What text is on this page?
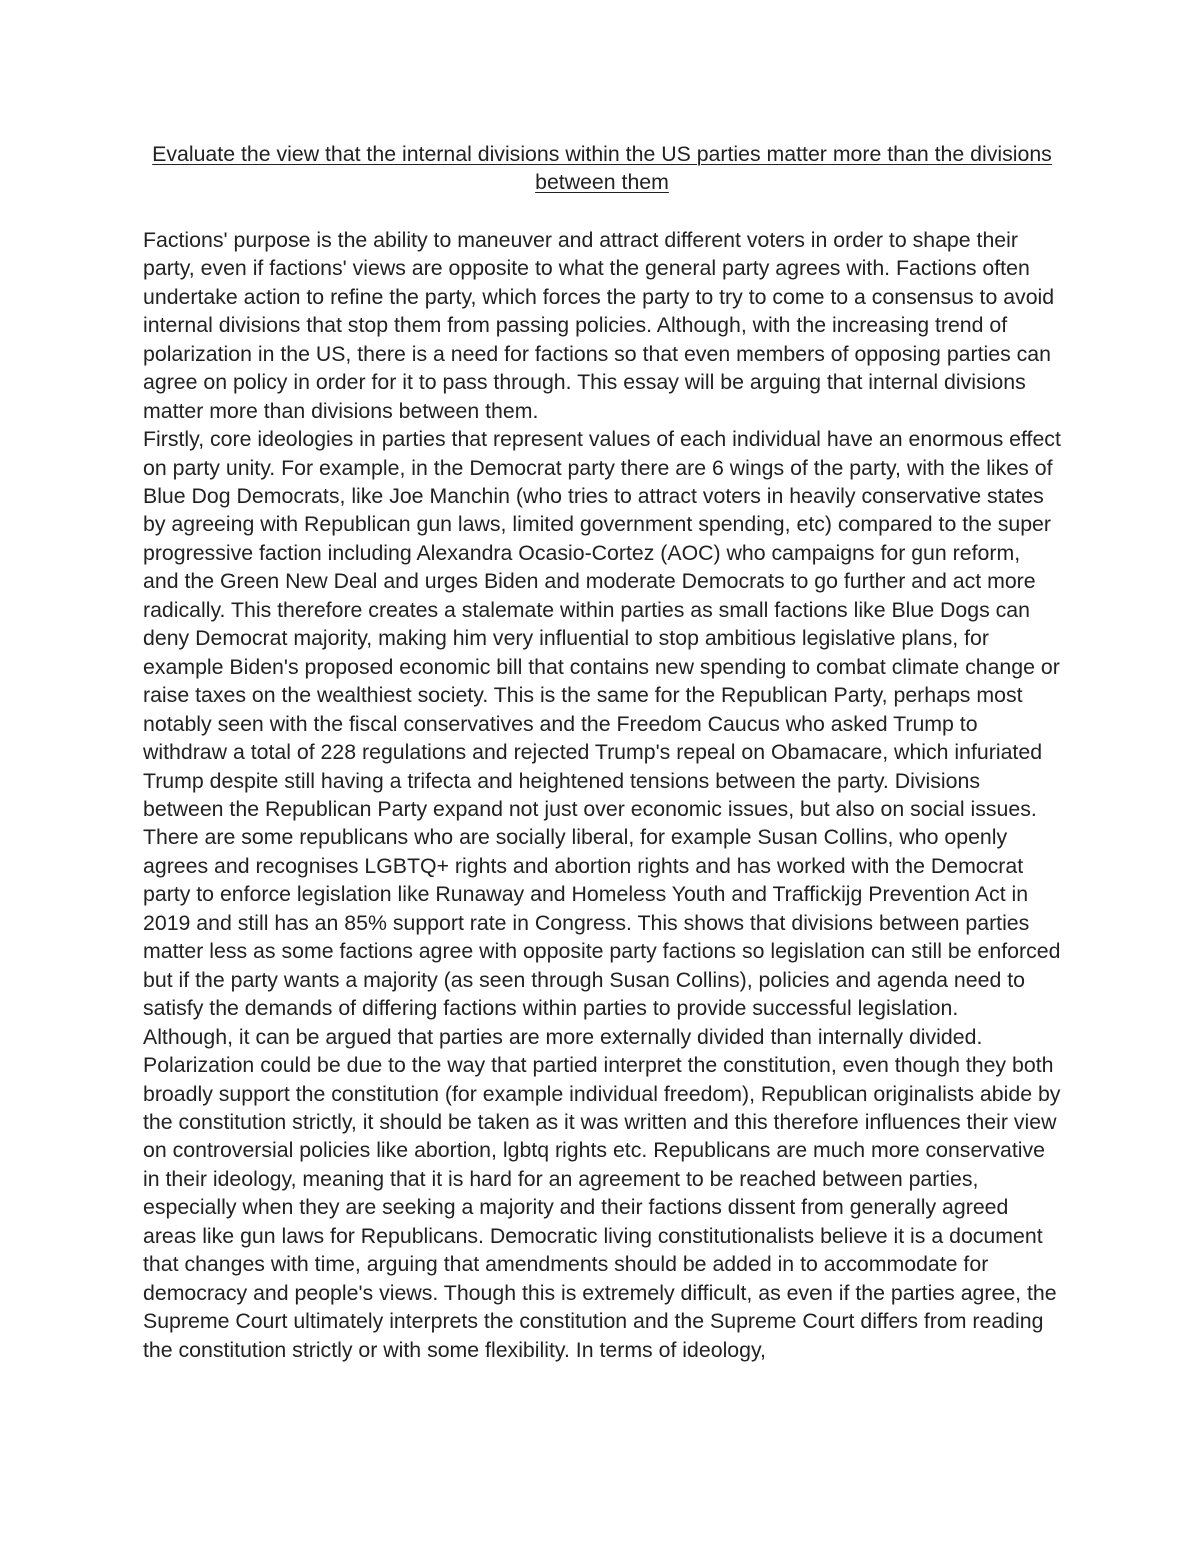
Evaluate the view that the internal divisions within the US parties matter more than the divisions between them

Factions' purpose is the ability to maneuver and attract different voters in order to shape their party, even if factions' views are opposite to what the general party agrees with. Factions often undertake action to refine the party, which forces the party to try to come to a consensus to avoid internal divisions that stop them from passing policies. Although, with the increasing trend of polarization in the US, there is a need for factions so that even members of opposing parties can agree on policy in order for it to pass through. This essay will be arguing that internal divisions matter more than divisions between them.

Firstly, core ideologies in parties that represent values of each individual have an enormous effect on party unity. For example, in the Democrat party there are 6 wings of the party, with the likes of Blue Dog Democrats, like Joe Manchin (who tries to attract voters in heavily conservative states by agreeing with Republican gun laws, limited government spending, etc) compared to the super progressive faction including Alexandra Ocasio-Cortez (AOC) who campaigns for gun reform, and the Green New Deal and urges Biden and moderate Democrats to go further and act more radically. This therefore creates a stalemate within parties as small factions like Blue Dogs can deny Democrat majority, making him very influential to stop ambitious legislative plans, for example Biden's proposed economic bill that contains new spending to combat climate change or raise taxes on the wealthiest society. This is the same for the Republican Party, perhaps most notably seen with the fiscal conservatives and the Freedom Caucus who asked Trump to withdraw a total of 228 regulations and rejected Trump's repeal on Obamacare, which infuriated Trump despite still having a trifecta and heightened tensions between the party. Divisions between the Republican Party expand not just over economic issues, but also on social issues. There are some republicans who are socially liberal, for example Susan Collins, who openly agrees and recognises LGBTQ+ rights and abortion rights and has worked with the Democrat party to enforce legislation like Runaway and Homeless Youth and Traffickijg Prevention Act in 2019 and still has an 85% support rate in Congress. This shows that divisions between parties matter less as some factions agree with opposite party factions so legislation can still be enforced but if the party wants a majority (as seen through Susan Collins), policies and agenda need to satisfy the demands of differing factions within parties to provide successful legislation.

Although, it can be argued that parties are more externally divided than internally divided. Polarization could be due to the way that partied interpret the constitution, even though they both broadly support the constitution (for example individual freedom), Republican originalists abide by the constitution strictly, it should be taken as it was written and this therefore influences their view on controversial policies like abortion, lgbtq rights etc. Republicans are much more conservative in their ideology, meaning that it is hard for an agreement to be reached between parties, especially when they are seeking a majority and their factions dissent from generally agreed areas like gun laws for Republicans. Democratic living constitutionalists believe it is a document that changes with time, arguing that amendments should be added in to accommodate for democracy and people's views. Though this is extremely difficult, as even if the parties agree, the Supreme Court ultimately interprets the constitution and the Supreme Court differs from reading the constitution strictly or with some flexibility. In terms of ideology,
